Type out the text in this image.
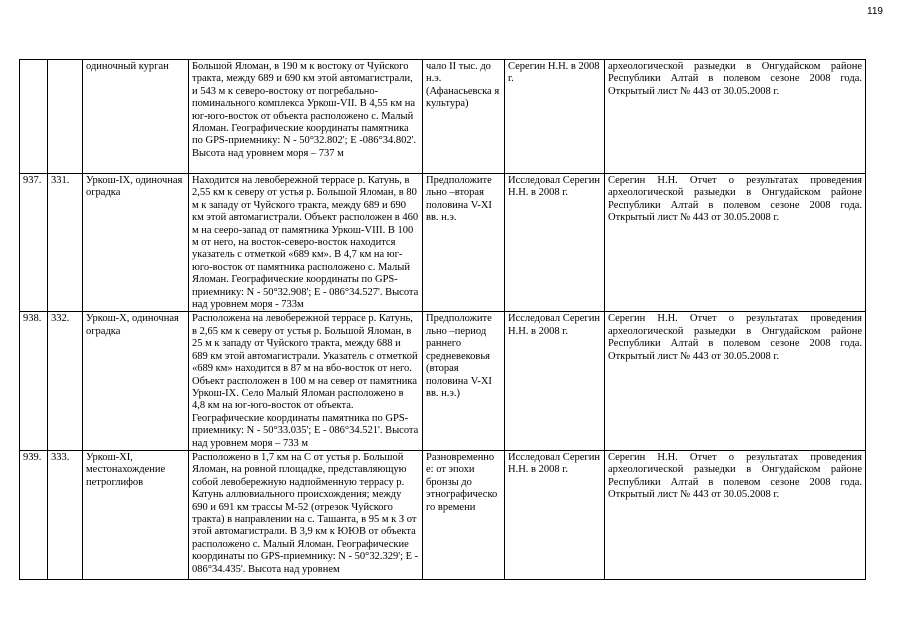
119
		одиночный курган	Большой Яломан, в 190 м к востоку от Чуйского тракта, между 689 и 690 км этой автомагистрали, и 543 м к северо-востоку от погребально-поминального комплекса Уркош-VII. В 4,55 км на юг-юго-восток от объекта расположено с. Малый Яломан. Географические координаты памятника по GPS-приемнику: N - 50°32.802'; Е -086°34.802'. Высота над уровнем моря – 737 м	чало II тыс. до н.э. (Афанасьевска я культура)	Серегин Н.Н. в 2008 г.	археологической разыедки в Онгудайском районе Республики Алтай в полевом сезоне 2008 года. Открытый лист № 443 от 30.05.2008 г.
937.	331.	Уркош-IX, одиночная оградка	Находится на левобережной террасе р. Катунь, в 2,55 км к северу от устья р. Большой Яломан, в 80 м к западу от Чуйского тракта, между 689 и 690 км этой автомагистрали. Объект расположен в 460 м на сееро-запад от памятника Уркош-VIII. В 100 м от него, на восток-северо-восток находится указатель с отметкой «689 км». В 4,7 км на юг-юго-восток от памятника расположено с. Малый Яломан. Географические координаты по GPS-приемнику: N - 50°32.908'; Е - 086°34.527'. Высота над уровнем моря - 733м	Предположите льно –вторая половина V-XI вв. н.э.	Исследовал Серегин Н.Н. в 2008 г.	Серегин Н.Н. Отчет о результатах проведения археологической разыедки в Онгудайском районе Республики Алтай в полевом сезоне 2008 года. Открытый лист № 443 от 30.05.2008 г.
938.	332.	Уркош-X, одиночная оградка	Расположена на левобережной террасе р. Катунь, в 2,65 км к северу от устья р. Большой Яломан, в 25 м к западу от Чуйского тракта, между 688 и 689 км этой автомагистрали. Указатель с отметкой «689 км» находится в 87 м на вбо-восток от него. Объект расположен в 100 м на север от памятника Уркош-IX. Село Малый Яломан расположено в 4,8 км на юг-юго-восток от объекта. Географические координаты памятника по GPS-приемнику: N - 50°33.035'; Е - 086°34.521'. Высота над уровнем моря – 733 м	Предположите льно –период раннего средневековья (вторая половина V-XI вв. н.э.)	Исследовал Серегин Н.Н. в 2008 г.	Серегин Н.Н. Отчет о результатах проведения археологической разыедки в Онгудайском районе Республики Алтай в полевом сезоне 2008 года. Открытый лист № 443 от 30.05.2008 г.
939.	333.	Уркош-XI, местонахождение петроглифов	Расположено в 1,7 км на С от устья р. Большой Яломан, на ровной площадке, представляющую собой левобережную надпойменную террасу р. Катунь аллювиального происхождения; между 690 и 691 км трассы М-52 (отрезок Чуйского тракта) в направлении на с. Ташанта, в 95 м к З от этой автомагистрали. В 3,9 км к ЮЮВ от объекта расположено с. Малый Яломан. Географические координаты по GPS-приемнику: N - 50°32.329'; Е - 086°34.435'. Высота над уровнем	Разновременно е: от эпохи бронзы до этнографическо го времени	Исследовал Серегин Н.Н. в 2008 г.	Серегин Н.Н. Отчет о результатах проведения археологической разыедки в Онгудайском районе Республики Алтай в полевом сезоне 2008 года. Открытый лист № 443 от 30.05.2008 г.
